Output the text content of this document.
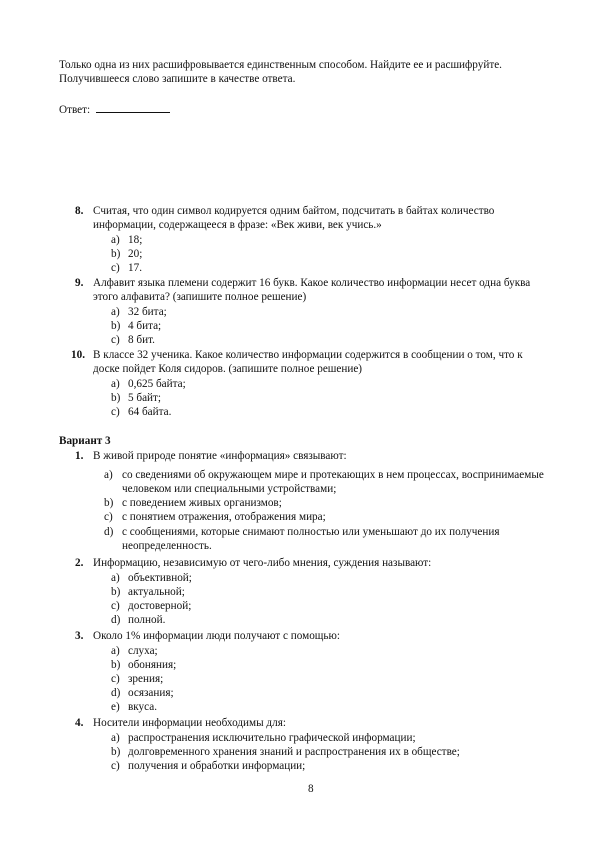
Только одна из них расшифровывается единственным способом. Найдите ее и расшифруйте.
Получившееся слово запишите в качестве ответа.
Ответ:
8. Считая, что один символ кодируется одним байтом, подсчитать в байтах количество
информации, содержащееся в фразе: «Век живи, век учись.»
a) 18;
b) 20;
c) 17.
9. Алфавит языка племени содержит 16 букв. Какое количество информации несет одна буква
этого алфавита? (запишите полное решение)
a) 32 бита;
b) 4 бита;
c) 8 бит.
10. В классе 32 ученика. Какое количество информации содержится в сообщении о том, что к
доске пойдет Коля сидоров. (запишите полное решение)
a) 0,625 байта;
b) 5 байт;
c) 64 байта.
Вариант 3
1. В живой природе понятие «информация» связывают:
a) со сведениями об окружающем мире и протекающих в нем процессах, воспринимаемые
человеком или специальными устройствами;
b) с поведением живых организмов;
c) с понятием отражения, отображения мира;
d) с сообщениями, которые снимают полностью или уменьшают до их получения
неопределенность.
2. Информацию, независимую от чего-либо мнения, суждения называют:
a) объективной;
b) актуальной;
c) достоверной;
d) полной.
3. Около 1% информации люди получают с помощью:
a) слуха;
b) обоняния;
c) зрения;
d) осязания;
e) вкуса.
4. Носители информации необходимы для:
a) распространения исключительно графической информации;
b) долговременного хранения знаний и распространения их в обществе;
c) получения и обработки информации;
8
